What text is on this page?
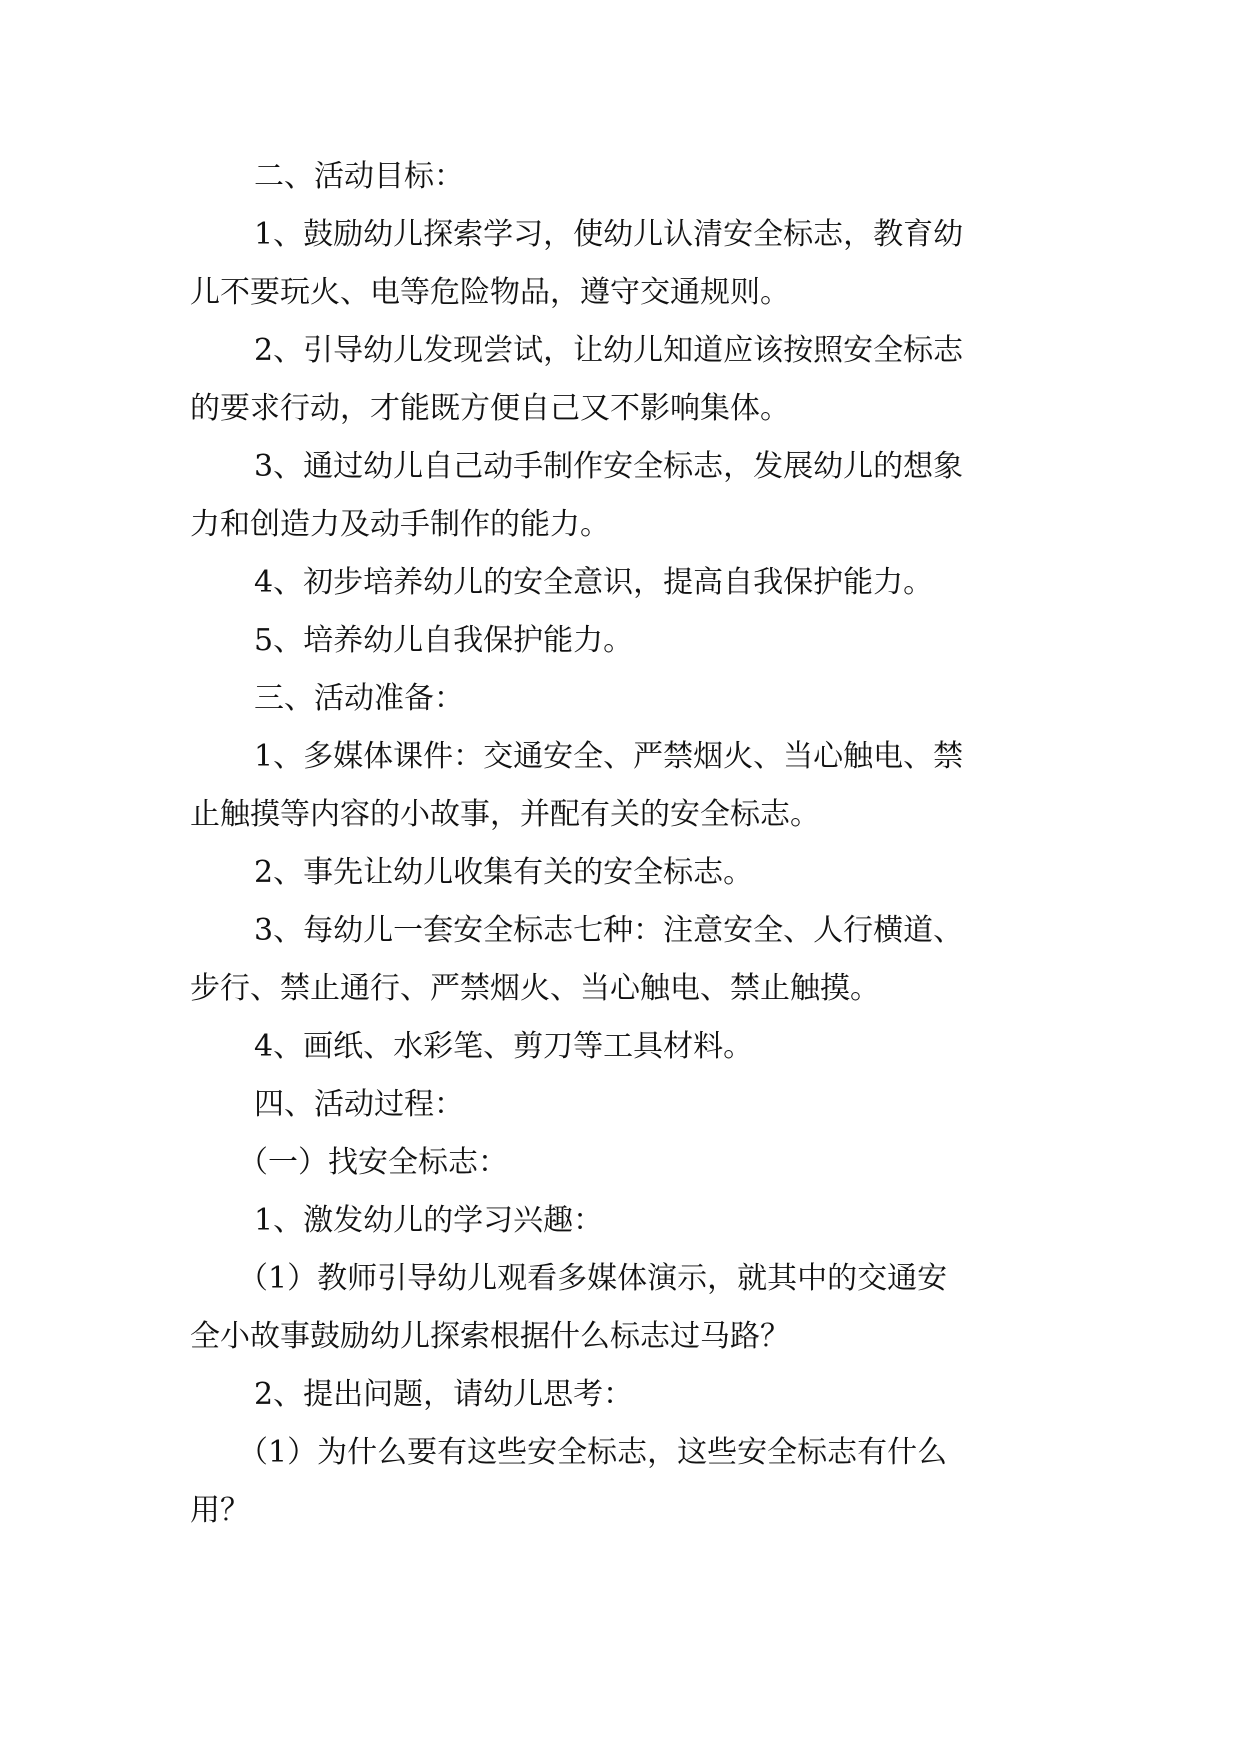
二、活动目标：
1、鼓励幼儿探索学习，使幼儿认清安全标志，教育幼
儿不要玩火、电等危险物品，遵守交通规则。
2、引导幼儿发现尝试，让幼儿知道应该按照安全标志
的要求行动，才能既方便自己又不影响集体。
3、通过幼儿自己动手制作安全标志，发展幼儿的想象
力和创造力及动手制作的能力。
4、初步培养幼儿的安全意识，提高自我保护能力。
5、培养幼儿自我保护能力。
三、活动准备：
1、多媒体课件：交通安全、严禁烟火、当心触电、禁
止触摸等内容的小故事，并配有关的安全标志。
2、事先让幼儿收集有关的安全标志。
3、每幼儿一套安全标志七种：注意安全、人行横道、
步行、禁止通行、严禁烟火、当心触电、禁止触摸。
4、画纸、水彩笔、剪刀等工具材料。
四、活动过程：
（一）找安全标志：
1、激发幼儿的学习兴趣：
（1）教师引导幼儿观看多媒体演示，就其中的交通安
全小故事鼓励幼儿探索根据什么标志过马路？
2、提出问题，请幼儿思考：
（1）为什么要有这些安全标志，这些安全标志有什么
用？
